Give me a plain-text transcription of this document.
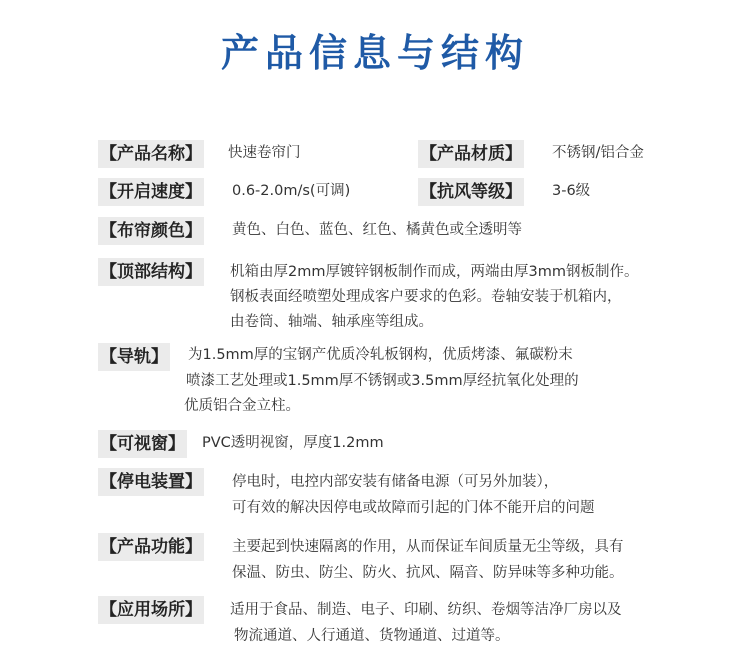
产品信息与结构
【产品名称】 快速卷帘门	【产品材质】 不锈钢/铝合金
【开启速度】 0.6-2.0m/s(可调)	【抗风等级】 3-6级
【布帘颜色】 黄色、白色、蓝色、红色、橘黄色或全透明等
【顶部结构】 机箱由厚2mm厚镀锌钢板制作而成，两端由厚3mm钢板制作。
钢板表面经喷塑处理成客户要求的色彩。卷轴安装于机箱内，
由卷筒、轴端、轴承座等组成。
【导轨】 为1.5mm厚的宝钢产优质冷轧板钢构，优质烤漆、氟碳粉末
喷漆工艺处理或1.5mm厚不锈钢或3.5mm厚经抗氧化处理的
优质铝合金立柱。
【可视窗】 PVC透明视窗，厚度1.2mm
【停电装置】 停电时，电控内部安装有储备电源（可另外加装），
可有效的解决因停电或故障而引起的门体不能开启的问题
【产品功能】 主要起到快速隔离的作用，从而保证车间质量无尘等级，具有
保温、防虫、防尘、防火、抗风、隔音、防异味等多种功能。
【应用场所】 适用于食品、制造、电子、印刷、纺织、卷烟等洁净厂房以及
物流通道、人行通道、货物通道、过道等。
